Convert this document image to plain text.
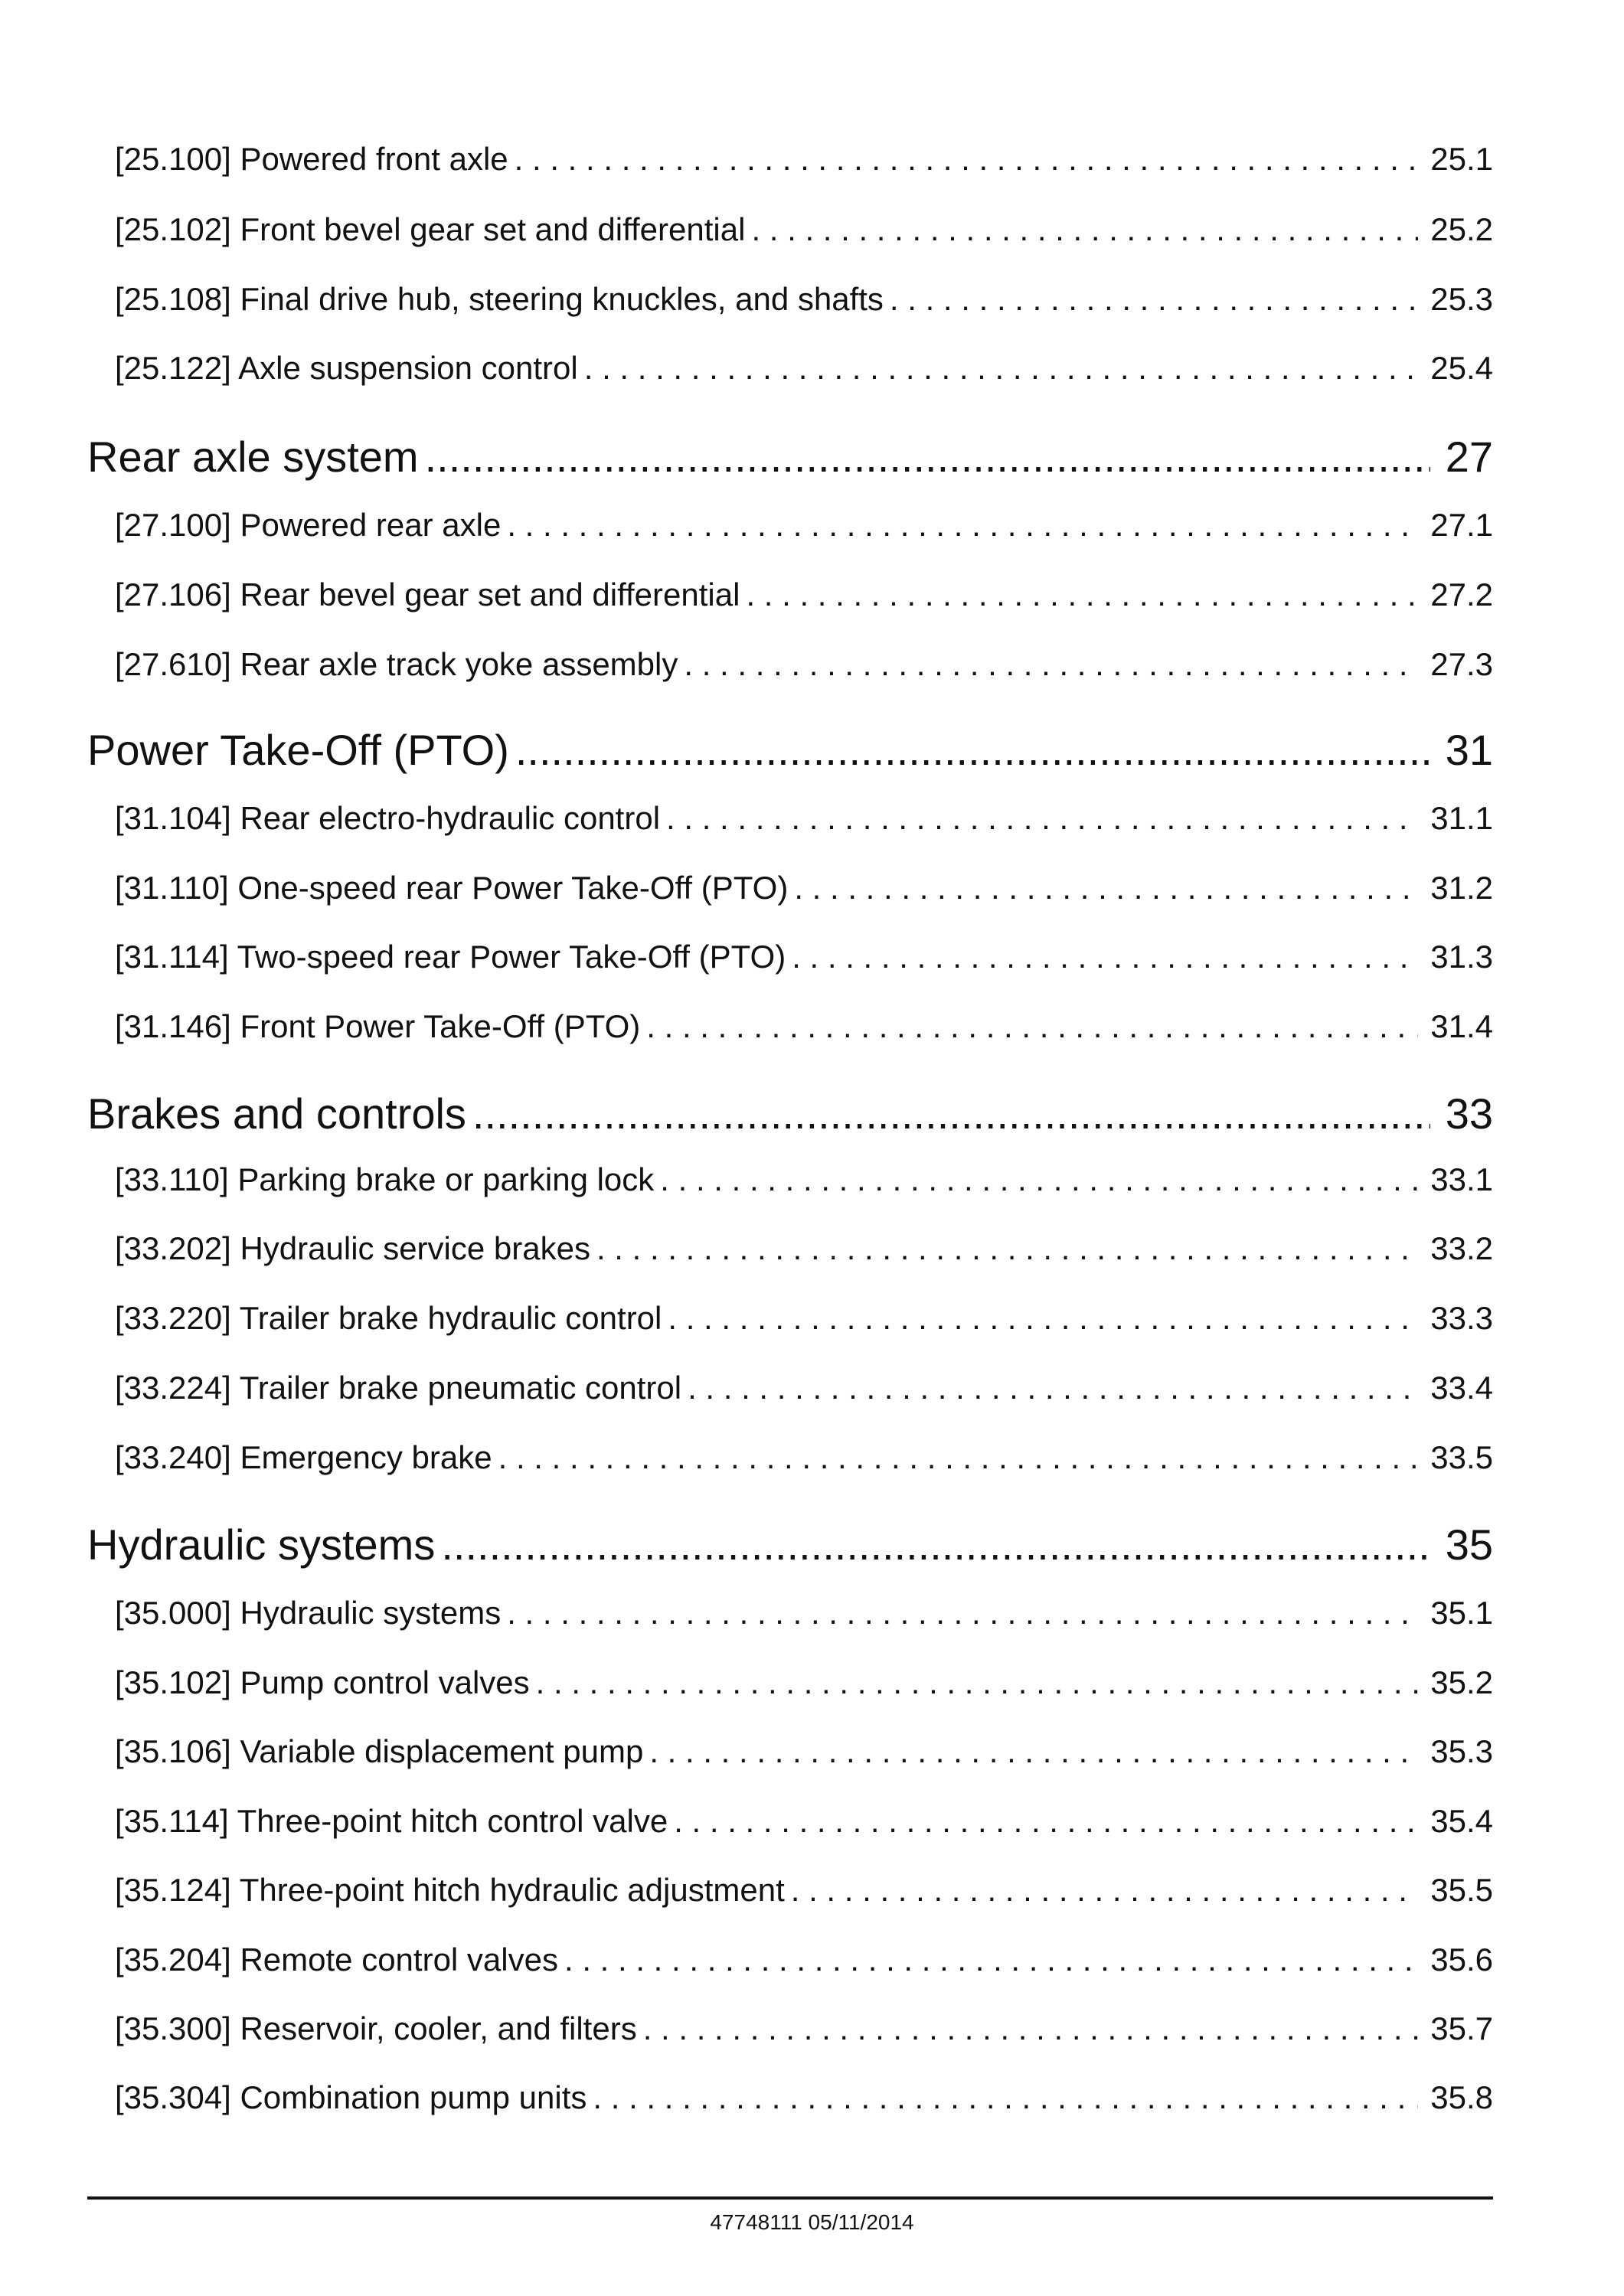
[25.100] Powered front axle . . .	25.1
[25.102] Front bevel gear set and differential . . .	25.2
[25.108] Final drive hub, steering knuckles, and shafts . . .	25.3
[25.122] Axle suspension control . . .	25.4
Rear axle system .....	27
[27.100] Powered rear axle . . .	27.1
[27.106] Rear bevel gear set and differential . . .	27.2
[27.610] Rear axle track yoke assembly . . .	27.3
Power Take-Off (PTO) .....	31
[31.104] Rear electro-hydraulic control . . .	31.1
[31.110] One-speed rear Power Take-Off (PTO) . . .	31.2
[31.114] Two-speed rear Power Take-Off (PTO) . . .	31.3
[31.146] Front Power Take-Off (PTO) . . .	31.4
Brakes and controls .....	33
[33.110] Parking brake or parking lock . . .	33.1
[33.202] Hydraulic service brakes . . .	33.2
[33.220] Trailer brake hydraulic control . . .	33.3
[33.224] Trailer brake pneumatic control . . .	33.4
[33.240] Emergency brake . . .	33.5
Hydraulic systems .....	35
[35.000] Hydraulic systems . . .	35.1
[35.102] Pump control valves . . .	35.2
[35.106] Variable displacement pump . . .	35.3
[35.114] Three-point hitch control valve . . .	35.4
[35.124] Three-point hitch hydraulic adjustment . . .	35.5
[35.204] Remote control valves . . .	35.6
[35.300] Reservoir, cooler, and filters . . .	35.7
[35.304] Combination pump units . . .	35.8
47748111 05/11/2014
